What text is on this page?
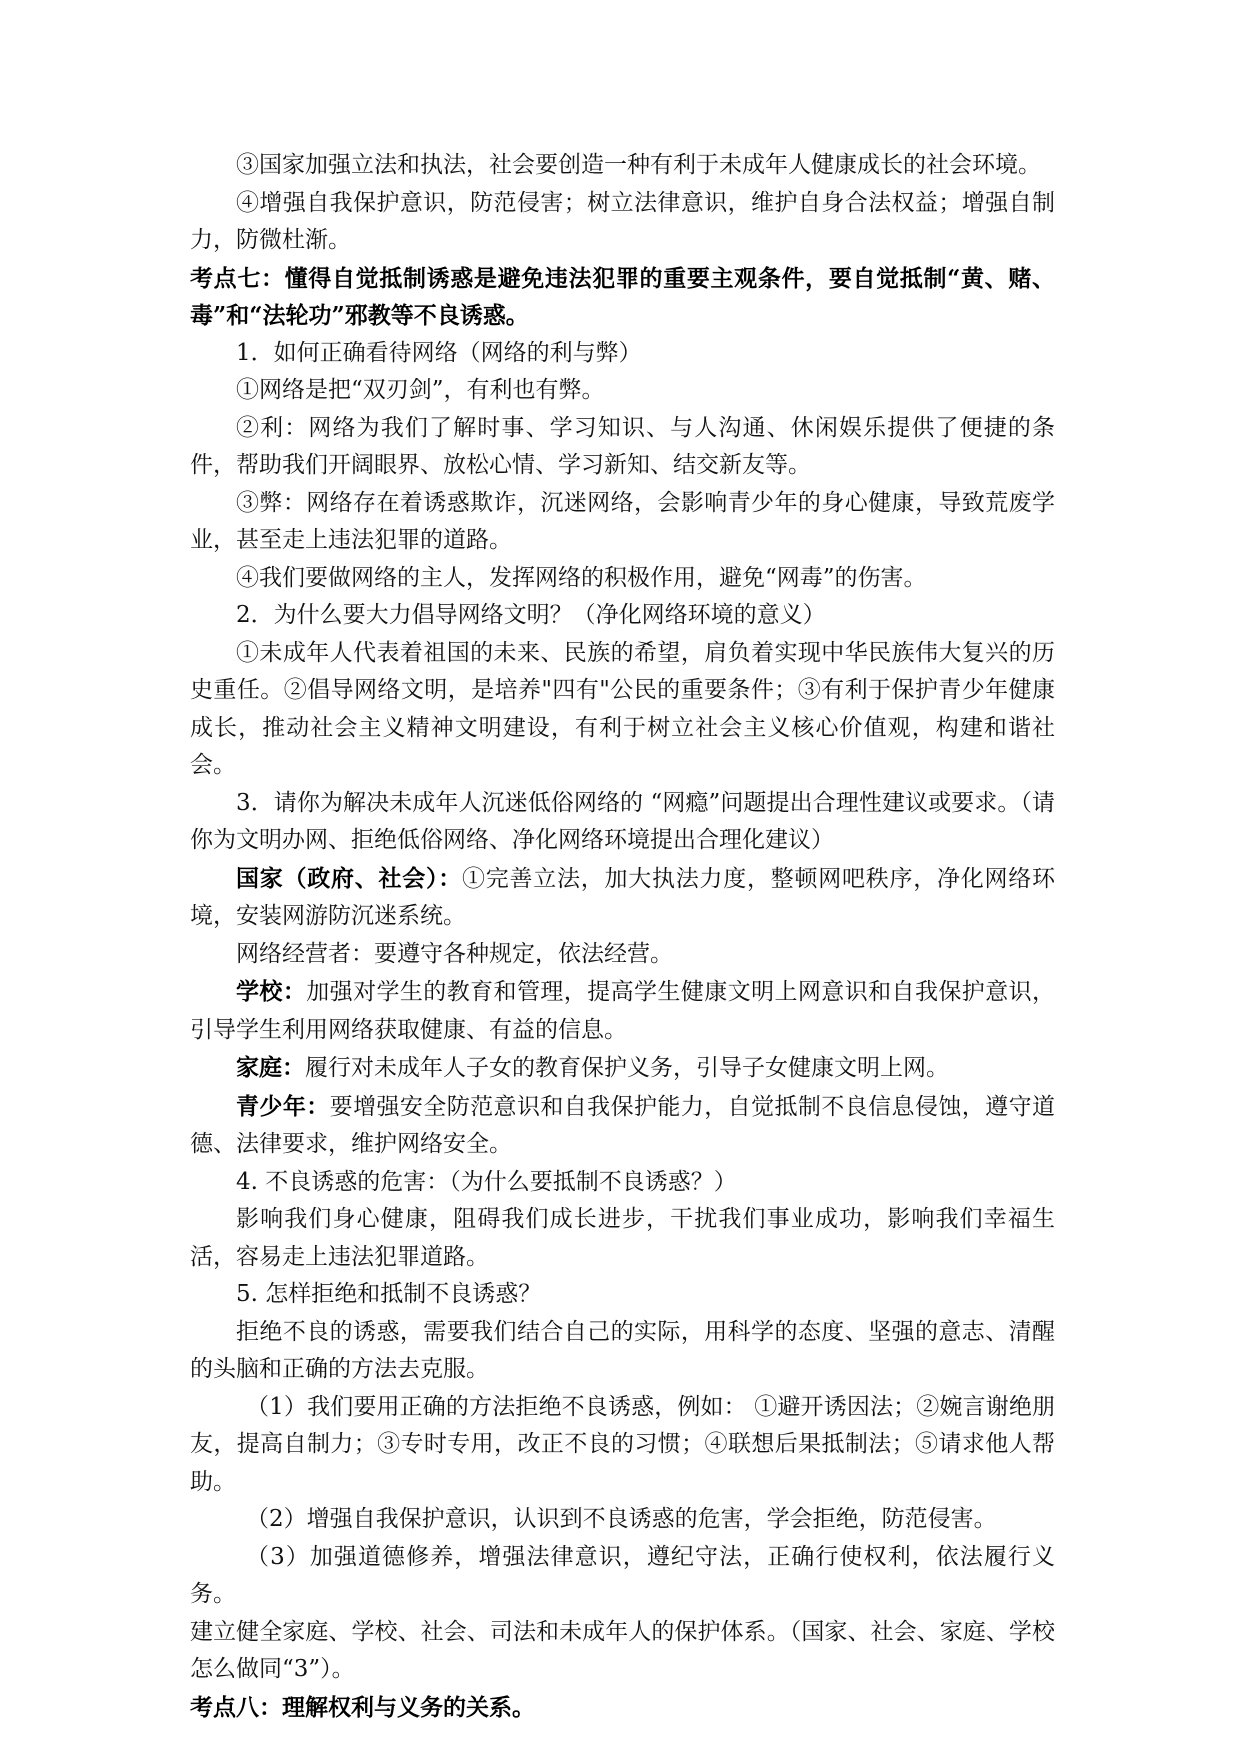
③国家加强立法和执法，社会要创造一种有利于未成年人健康成长的社会环境。

④增强自我保护意识，防范侵害；树立法律意识，维护自身合法权益；增强自制力，防微杜渐。

考点七：懂得自觉抵制诱惑是避免违法犯罪的重要主观条件，要自觉抵制“黄、赌、毒”和“法轮功”邪教等不良诱惑。

1．如何正确看待网络（网络的利与弊）

①网络是把“双刃剑”，有利也有弊。

②利：网络为我们了解时事、学习知识、与人沟通、休闲娱乐提供了便捷的条件，帮助我们开阔眼界、放松心情、学习新知、结交新友等。

③弊：网络存在着诱惑欺诈，沉迷网络，会影响青少年的身心健康，导致荒废学业，甚至走上违法犯罪的道路。

④我们要做网络的主人，发挥网络的积极作用，避免“网毒”的伤害。

2．为什么要大力倡导网络文明？（净化网络环境的意义）

①未成年人代表着祖国的未来、民族的希望，肩负着实现中华民族伟大复兴的历史重任。②倡导网络文明，是培养"四有"公民的重要条件；③有利于保护青少年健康成长，推动社会主义精神文明建设，有利于树立社会主义核心价值观，构建和谐社会。

3．请你为解决未成年人沉迷低俗网络的 “网瘾”问题提出合理性建议或要求。（请你为文明办网、拒绝低俗网络、净化网络环境提出合理化建议）

国家（政府、社会）：①完善立法，加大执法力度，整顿网吧秩序，净化网络环境，安装网游防沉迷系统。

网络经营者：要遵守各种规定，依法经营。

学校：加强对学生的教育和管理，提高学生健康文明上网意识和自我保护意识，引导学生利用网络获取健康、有益的信息。

家庭：履行对未成年人子女的教育保护义务，引导子女健康文明上网。

青少年：要增强安全防范意识和自我保护能力，自觉抵制不良信息侵蚀，遵守道德、法律要求，维护网络安全。

4. 不良诱惑的危害：（为什么要抵制不良诱惑？）

影响我们身心健康，阻碍我们成长进步，干扰我们事业成功，影响我们幸福生活，容易走上违法犯罪道路。

5. 怎样拒绝和抵制不良诱惑？

拒绝不良的诱惑，需要我们结合自己的实际，用科学的态度、坚强的意志、清醒的头脑和正确的方法去克服。

（1）我们要用正确的方法拒绝不良诱惑，例如： ①避开诱因法；②婉言谢绝朋友，提高自制力；③专时专用，改正不良的习惯；④联想后果抵制法；⑤请求他人帮助。

（2）增强自我保护意识，认识到不良诱惑的危害，学会拒绝，防范侵害。

（3）加强道德修养，增强法律意识，遵纪守法，正确行使权利，依法履行义务。

建立健全家庭、学校、社会、司法和未成年人的保护体系。（国家、社会、家庭、学校怎么做同“3”）。

考点八：理解权利与义务的关系。
